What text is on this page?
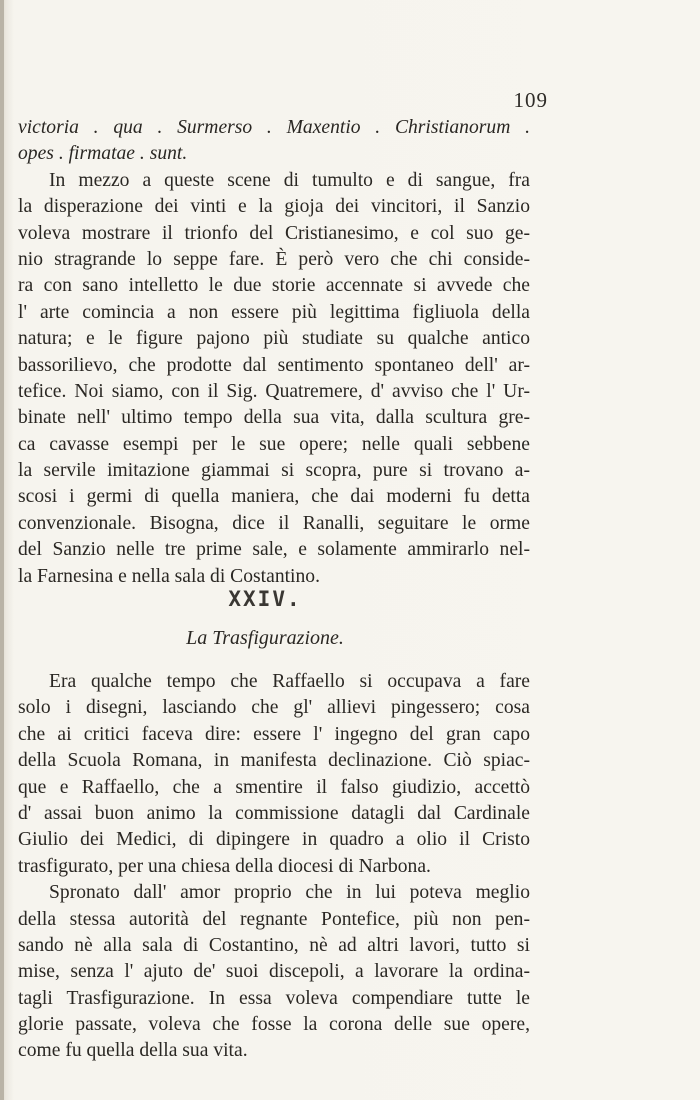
109
victoria . qua . Surmerso . Maxentio . Christianorum .
opes . firmatae . sunt.
In mezzo a queste scene di tumulto e di sangue, fra
la disperazione dei vinti e la gioja dei vincitori, il Sanzio
voleva mostrare il trionfo del Cristianesimo, e col suo ge-
nio stragrande lo seppe fare. È però vero che chi conside-
ra con sano intelletto le due storie accennate si avvede che
l' arte comincia a non essere più legittima figliuola della
natura; e le figure pajono più studiate su qualche antico
bassorilievo, che prodotte dal sentimento spontaneo dell' ar-
tefice. Noi siamo, con il Sig. Quatremere, d' avviso che l' Ur-
binate nell' ultimo tempo della sua vita, dalla scultura gre-
ca cavasse esempi per le sue opere; nelle quali sebbene
la servile imitazione giammai si scopra, pure si trovano a-
scosi i germi di quella maniera, che dai moderni fu detta
convenzionale. Bisogna, dice il Ranalli, seguitare le orme
del Sanzio nelle tre prime sale, e solamente ammirarlo nel-
la Farnesina e nella sala di Costantino.
XXIV.
La Trasfigurazione.
Era qualche tempo che Raffaello si occupava a fare
solo i disegni, lasciando che gl' allievi pingessero; cosa
che ai critici faceva dire: essere l' ingegno del gran capo
della Scuola Romana, in manifesta declinazione. Ciò spiac-
que e Raffaello, che a smentire il falso giudizio, accettò
d' assai buon animo la commissione datagli dal Cardinale
Giulio dei Medici, di dipingere in quadro a olio il Cristo
trasfigurato, per una chiesa della diocesi di Narbona.
Spronato dall' amor proprio che in lui poteva meglio
della stessa autorità del regnante Pontefice, più non pen-
sando nè alla sala di Costantino, nè ad altri lavori, tutto si
mise, senza l' ajuto de' suoi discepoli, a lavorare la ordina-
tagli Trasfigurazione. In essa voleva compendiare tutte le
glorie passate, voleva che fosse la corona delle sue opere,
come fu quella della sua vita.
